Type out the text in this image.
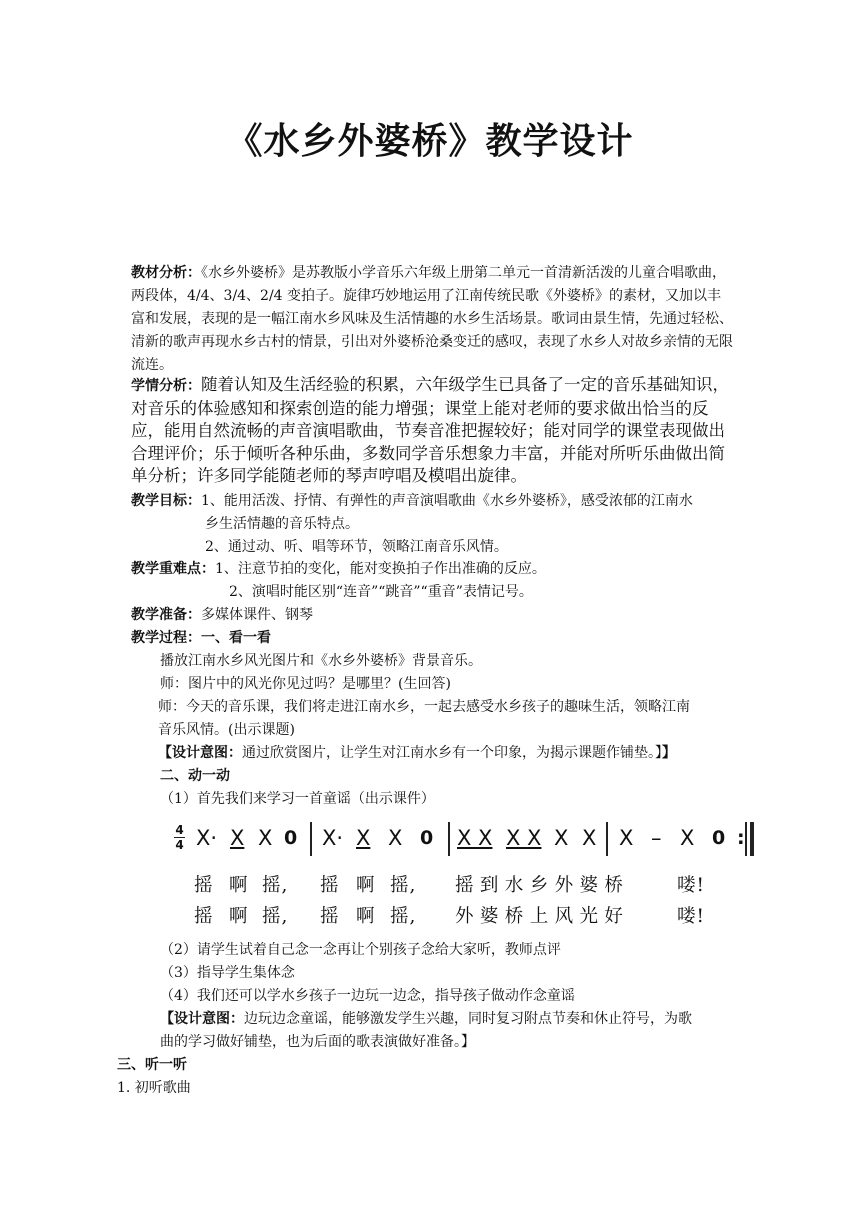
《水乡外婆桥》教学设计
教材分析：《水乡外婆桥》是苏教版小学音乐六年级上册第二单元一首清新活泼的儿童合唱歌曲，两段体，4/4、3/4、2/4 变拍子。旋律巧妙地运用了江南传统民歌《外婆桥》的素材，又加以丰富和发展，表现的是一幅江南水乡风味及生活情趣的水乡生活场景。歌词由景生情，先通过轻松、清新的歌声再现水乡古村的情景，引出对外婆桥沧桑变迁的感叹，表现了水乡人对故乡亲情的无限流连。
学情分析：随着认知及生活经验的积累，六年级学生已具备了一定的音乐基础知识，对音乐的体验感知和探索创造的能力增强；课堂上能对老师的要求做出恰当的反应，能用自然流畅的声音演唱歌曲，节奏音准把握较好；能对同学的课堂表现做出合理评价；乐于倾听各种乐曲，多数同学音乐想象力丰富，并能对所听乐曲做出简单分析；许多同学能随老师的琴声哼唱及模唱出旋律。
教学目标：1、能用活泼、抒情、有弹性的声音演唱歌曲《水乡外婆桥》，感受浓郁的江南水
乡生活情趣的音乐特点。
2、通过动、听、唱等环节，领略江南音乐风情。
教学重难点：1、注意节拍的变化，能对变换拍子作出准确的反应。
2、演唱时能区别“连音”“跳音”“重音”表情记号。
教学准备：多媒体课件、钢琴
教学过程：一、看一看
播放江南水乡风光图片和《水乡外婆桥》背景音乐。
师：图片中的风光你见过吗？是哪里？(生回答)
师：今天的音乐课，我们将走进江南水乡，一起去感受水乡孩子的趣味生活，领略江南
音乐风情。(出示课题)
【设计意图：通过欣赏图片，让学生对江南水乡有一个印象，为揭示课题作铺垫。】】
二、动一动
（1）首先我们来学习一首童谣（出示课件）
4
4 X· X X 0 X· X X 0 X X X X X X X – X 0 :
摇 啊 摇, 摇 啊 摇, 摇到水乡外婆桥	喽!
摇 啊 摇, 摇 啊 摇, 外婆桥上风光好	喽!
（2）请学生试着自己念一念再让个别孩子念给大家听，教师点评
（3）指导学生集体念
（4）我们还可以学水乡孩子一边玩一边念，指导孩子做动作念童谣
【设计意图：边玩边念童谣，能够激发学生兴趣，同时复习附点节奏和休止符号，为歌
曲的学习做好铺垫，也为后面的歌表演做好准备。】
三、听一听
1. 初听歌曲
